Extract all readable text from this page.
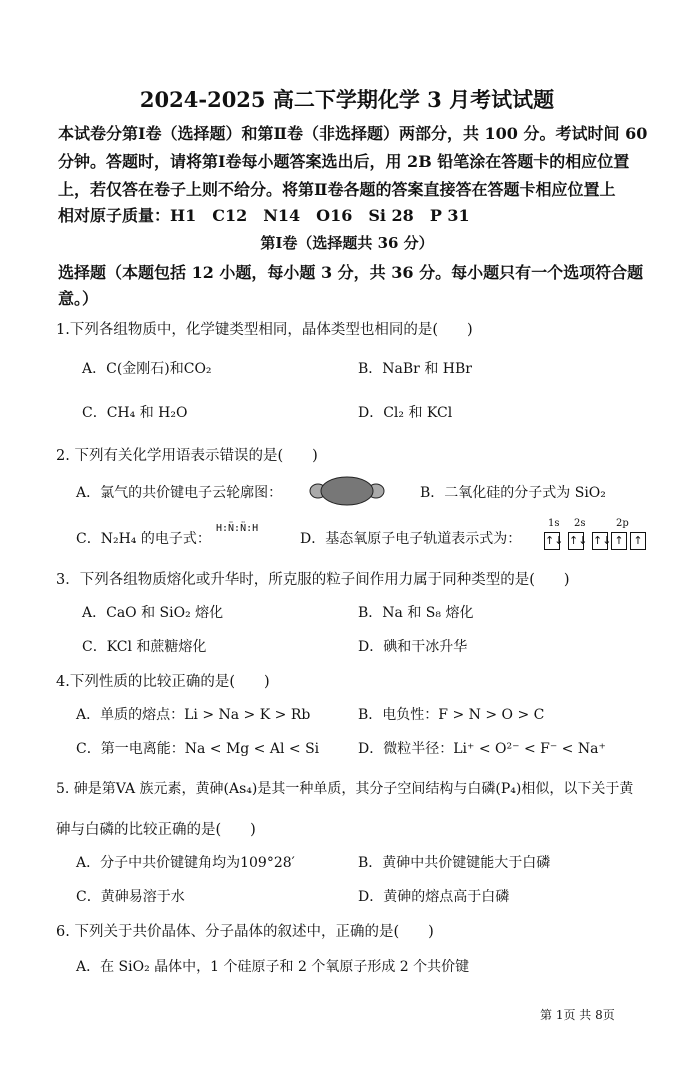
2024-2025 高二下学期化学 3 月考试试题
本试卷分第Ⅰ卷（选择题）和第Ⅱ卷（非选择题）两部分，共 100 分。考试时间 60
分钟。答题时，请将第Ⅰ卷每小题答案选出后，用 2B 铅笔涂在答题卡的相应位置
上，若仅答在卷子上则不给分。将第Ⅱ卷各题的答案直接答在答题卡相应位置上
相对原子质量：H1　C12　N14　O16　Si 28　P 31
第Ⅰ卷（选择题共 36 分）
选择题（本题包括 12 小题，每小题 3 分，共 36 分。每小题只有一个选项符合题
意。）
1.下列各组物质中，化学键类型相同，晶体类型也相同的是(　　)
A．C(金刚石)和CO₂	B．NaBr 和 HBr
C．CH₄ 和 H₂O	D．Cl₂ 和 KCl
2. 下列有关化学用语表示错误的是(　　)
A．氯气的共价键电子云轮廓图：	B．二氧化硅的分子式为 SiO₂
C．N₂H₄ 的电子式：
H:N̈:N̈:H
D．基态氧原子电子轨道表示式为：
1s 2s	2p
↑↓ ↑↓ ↑↓ ↑ ↑
3．下列各组物质熔化或升华时，所克服的粒子间作用力属于同种类型的是(　　)
A．CaO 和 SiO₂ 熔化	B．Na 和 S₈ 熔化
C．KCl 和蔗糖熔化	D．碘和干冰升华
4.下列性质的比较正确的是(　　)
A．单质的熔点：Li > Na > K > Rb	B．电负性：F > N > O > C
C．第一电离能：Na < Mg < Al < Si	D．微粒半径：Li⁺ < O²⁻ < F⁻ < Na⁺
5. 砷是第VA 族元素，黄砷(As₄)是其一种单质，其分子空间结构与白磷(P₄)相似，以下关于黄
砷与白磷的比较正确的是(　　)
A．分子中共价键键角均为109°28′	B．黄砷中共价键键能大于白磷
C．黄砷易溶于水	D．黄砷的熔点高于白磷
6. 下列关于共价晶体、分子晶体的叙述中，正确的是(　　)
A．在 SiO₂ 晶体中，1 个硅原子和 2 个氧原子形成 2 个共价键
第 1页 共 8页
